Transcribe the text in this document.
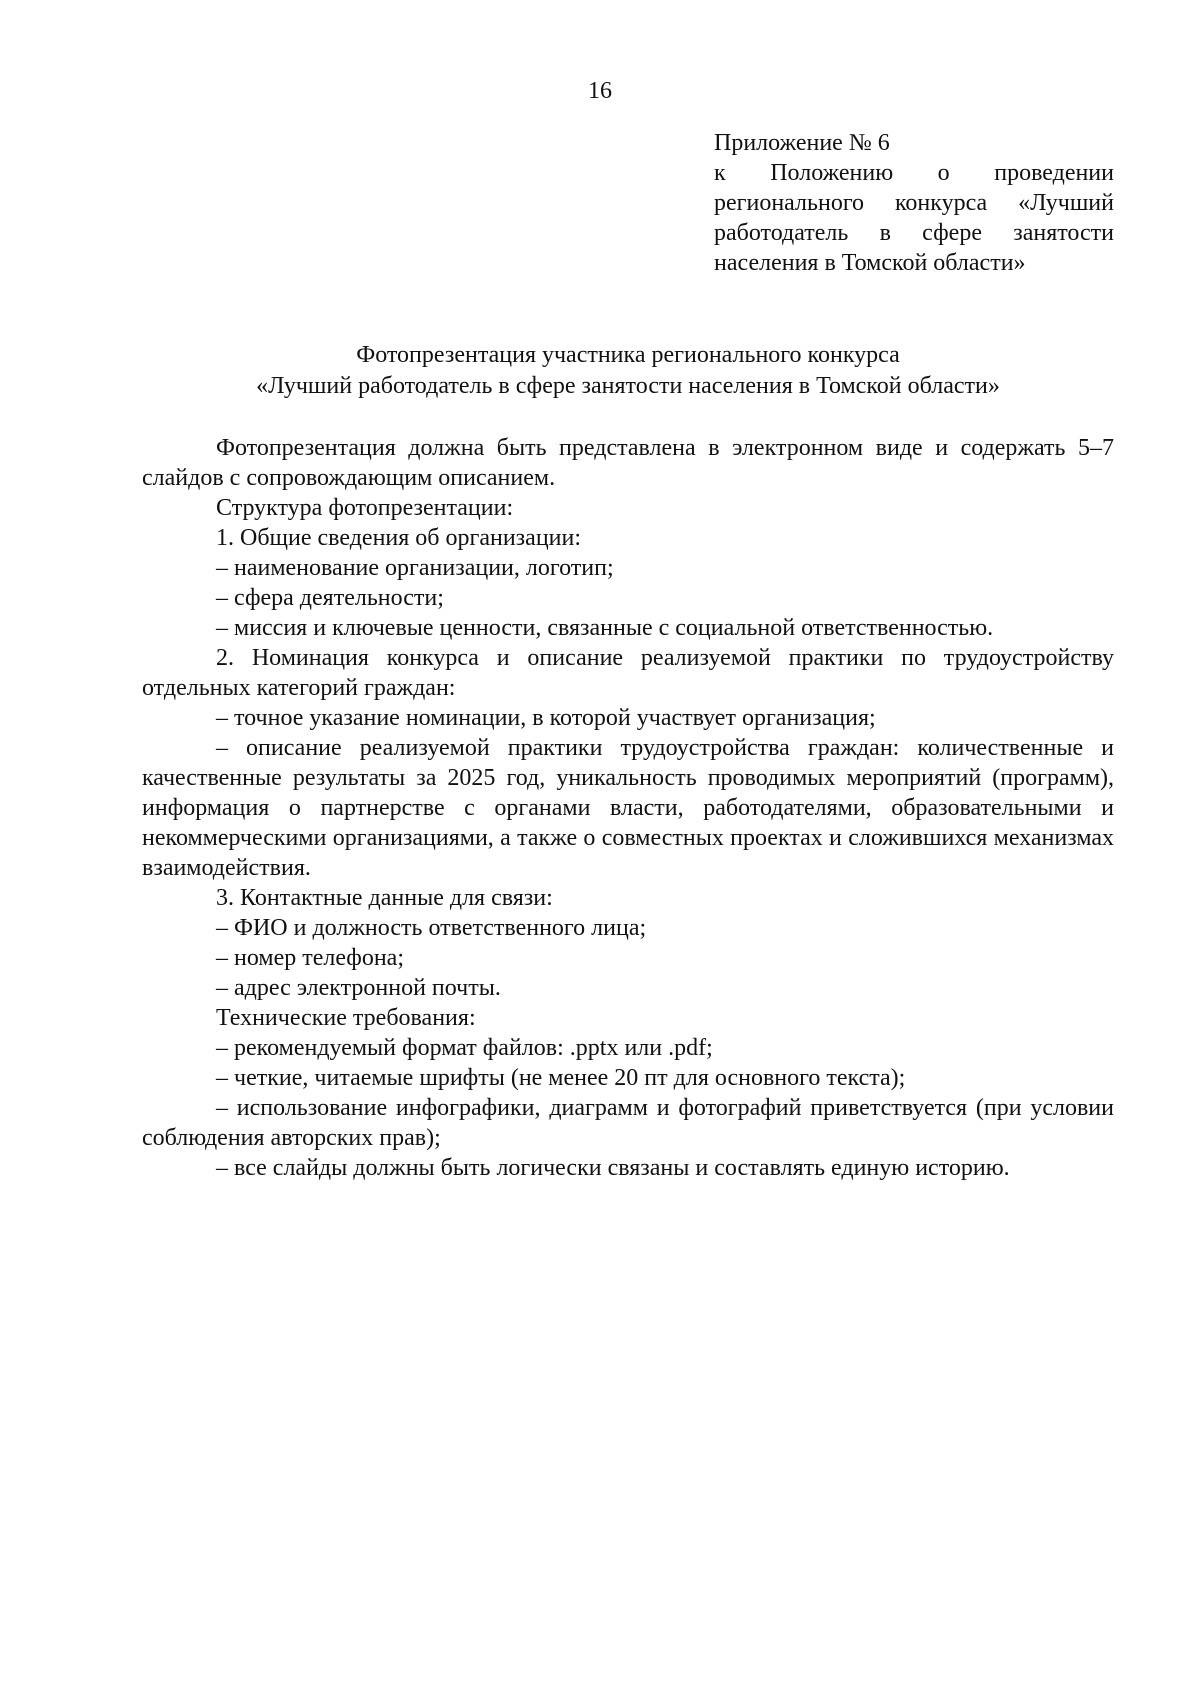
16
Приложение № 6
к Положению о проведении
регионального конкурса «Лучший
работодатель в сфере занятости
населения в Томской области»
Фотопрезентация участника регионального конкурса
«Лучший работодатель в сфере занятости населения в Томской области»

Фотопрезентация должна быть представлена в электронном виде и содержать 5–7 слайдов с сопровождающим описанием.

Структура фотопрезентации:

1. Общие сведения об организации:

– наименование организации, логотип;

– сфера деятельности;

– миссия и ключевые ценности, связанные с социальной ответственностью.

2. Номинация конкурса и описание реализуемой практики по трудоустройству отдельных категорий граждан:

– точное указание номинации, в которой участвует организация;

– описание реализуемой практики трудоустройства граждан: количественные и качественные результаты за 2025 год, уникальность проводимых мероприятий (программ), информация о партнерстве с органами власти, работодателями, образовательными и некоммерческими организациями, а также о совместных проектах и сложившихся механизмах взаимодействия.

3. Контактные данные для связи:

– ФИО и должность ответственного лица;

– номер телефона;

– адрес электронной почты.

Технические требования:

– рекомендуемый формат файлов: .pptx или .pdf;

– четкие, читаемые шрифты (не менее 20 пт для основного текста);

– использование инфографики, диаграмм и фотографий приветствуется (при условии соблюдения авторских прав);

– все слайды должны быть логически связаны и составлять единую историю.
